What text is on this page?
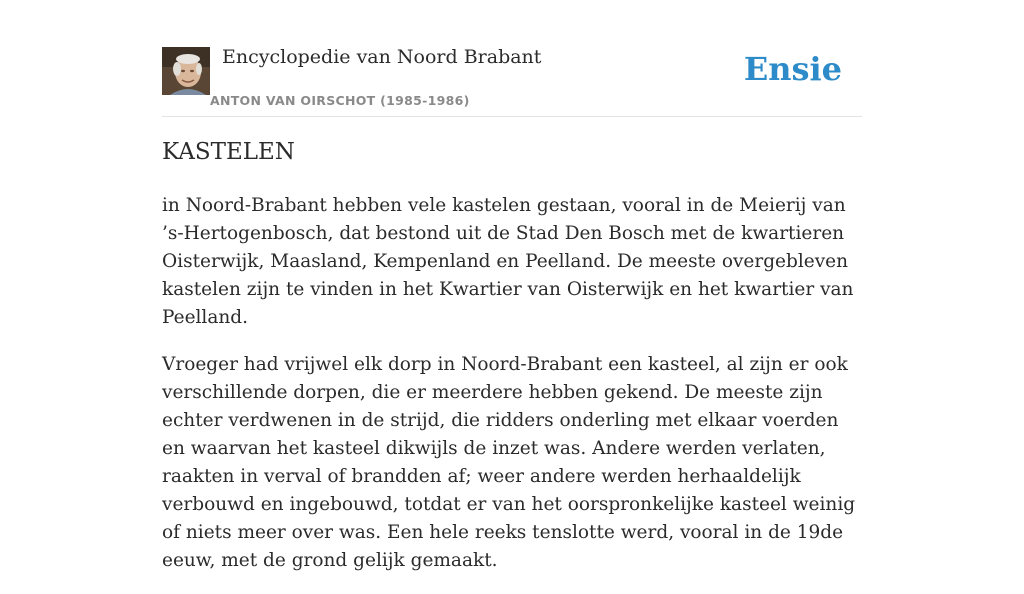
Encyclopedie van Noord Brabant
ANTON VAN OIRSCHOT (1985-1986)
Ensie
KASTELEN

in Noord-Brabant hebben vele kastelen gestaan, vooral in de Meierij van ’s-Hertogenbosch, dat bestond uit de Stad Den Bosch met de kwartieren Oisterwijk, Maasland, Kempenland en Peelland. De meeste overgebleven kastelen zijn te vinden in het Kwartier van Oisterwijk en het kwartier van Peelland.

Vroeger had vrijwel elk dorp in Noord-Brabant een kasteel, al zijn er ook verschillende dorpen, die er meerdere hebben gekend. De meeste zijn echter verdwenen in de strijd, die ridders onderling met elkaar voerden en waarvan het kasteel dikwijls de inzet was. Andere werden verlaten, raakten in verval of brandden af; weer andere werden herhaaldelijk verbouwd en ingebouwd, totdat er van het oorspronkelijke kasteel weinig of niets meer over was. Een hele reeks tenslotte werd, vooral in de 19de eeuw, met de grond gelijk gemaakt.
